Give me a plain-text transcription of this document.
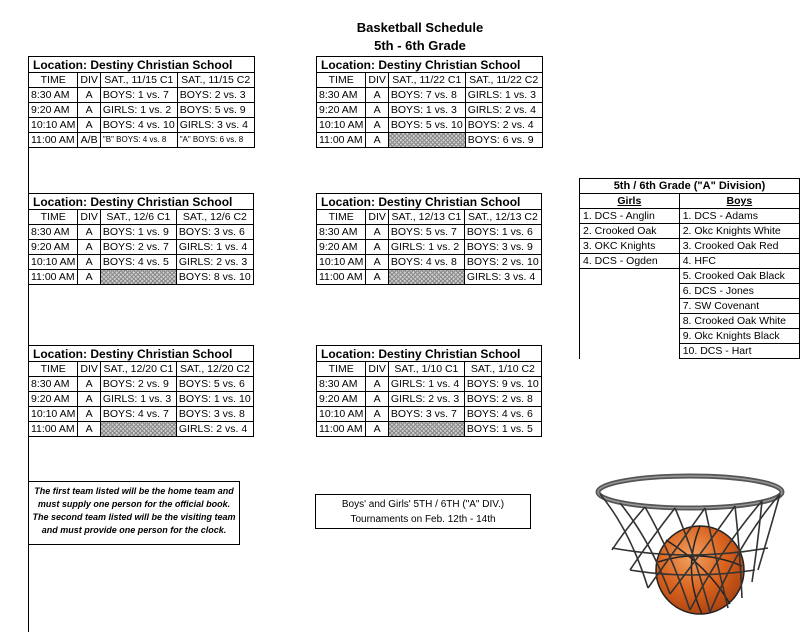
Basketball Schedule
5th - 6th Grade
Location: Destiny Christian School			
TIME	DIV	SAT., 11/15 C1	SAT., 11/15 C2
8:30 AM	A	BOYS: 1 vs. 7	BOYS: 2 vs. 3
9:20 AM	A	GIRLS: 1 vs. 2	BOYS: 5 vs. 9
10:10 AM	A	BOYS: 4 vs. 10	GIRLS: 3 vs. 4
11:00 AM	A/B	"B" BOYS: 4 vs. 8	"A" BOYS: 6 vs. 8
Location: Destiny Christian School			
TIME	DIV	SAT., 11/22 C1	SAT., 11/22 C2
8:30 AM	A	BOYS: 7 vs. 8	GIRLS: 1 vs. 3
9:20 AM	A	BOYS: 1 vs. 3	GIRLS: 2 vs. 4
10:10 AM	A	BOYS: 5 vs. 10	BOYS: 2 vs. 4
11:00 AM	A		BOYS: 6 vs. 9
Location: Destiny Christian School			
TIME	DIV	SAT., 12/6 C1	SAT., 12/6 C2
8:30 AM	A	BOYS: 1 vs. 9	BOYS: 3 vs. 6
9:20 AM	A	BOYS: 2 vs. 7	GIRLS: 1 vs. 4
10:10 AM	A	BOYS: 4 vs. 5	GIRLS: 2 vs. 3
11:00 AM	A		BOYS: 8 vs. 10
Location: Destiny Christian School			
TIME	DIV	SAT., 12/13 C1	SAT., 12/13 C2
8:30 AM	A	BOYS: 5 vs. 7	BOYS: 1 vs. 6
9:20 AM	A	GIRLS: 1 vs. 2	BOYS: 3 vs. 9
10:10 AM	A	BOYS: 4 vs. 8	BOYS: 2 vs. 10
11:00 AM	A		GIRLS: 3 vs. 4
Location: Destiny Christian School			
TIME	DIV	SAT., 12/20 C1	SAT., 12/20 C2
8:30 AM	A	BOYS: 2 vs. 9	BOYS: 5 vs. 6
9:20 AM	A	GIRLS: 1 vs. 3	BOYS: 1 vs. 10
10:10 AM	A	BOYS: 4 vs. 7	BOYS: 3 vs. 8
11:00 AM	A		GIRLS: 2 vs. 4
Location: Destiny Christian School			
TIME	DIV	SAT., 1/10 C1	SAT., 1/10 C2
8:30 AM	A	GIRLS: 1 vs. 4	BOYS: 9 vs. 10
9:20 AM	A	GIRLS: 2 vs. 3	BOYS: 2 vs. 8
10:10 AM	A	BOYS: 3 vs. 7	BOYS: 4 vs. 6
11:00 AM	A		BOYS: 1 vs. 5
5th / 6th Grade ("A" Division)	
Girls	Boys
1. DCS - Anglin	1. DCS - Adams
2. Crooked Oak	2. Okc Knights White
3. OKC Knights	3. Crooked Oak Red
4. DCS - Ogden	4. HFC
	5. Crooked Oak Black
	6. DCS - Jones
	7. SW Covenant
	8. Crooked Oak White
	9. Okc Knights Black
	10. DCS - Hart
The first team listed will be the home team and
must supply one person for the official book.
The second team listed will be the visiting team
and must provide one person for the clock.
Boys' and Girls' 5TH / 6TH ("A" DIV.)
Tournaments on Feb. 12th - 14th
